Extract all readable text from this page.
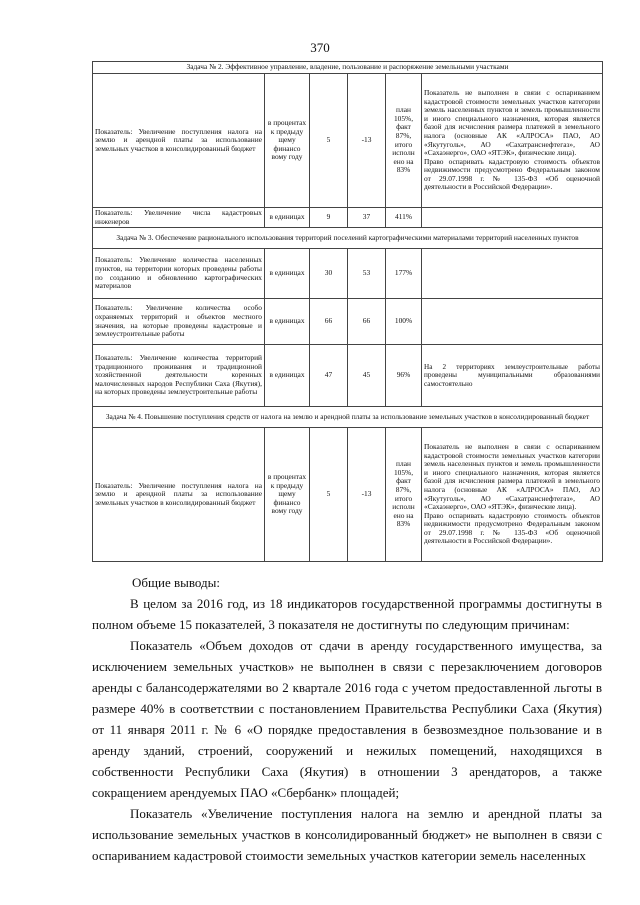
370
Задача № 2. Эффективное управление, владение, пользование и распоряжение земельными участками					
Показатель: Увеличение поступления налога на землю и арендной платы за использование земельных участков в консолидированный бюджет	в процентах к предыду щему финансо вому году	5	-13	план 105%, факт 87%, итого исполн ено на 83%	Показатель не выполнен в связи с оспариванием кадастровой стоимости земельных участков категории земель населенных пунктов и земель промышленности и иного специального назначения, которая является базой для исчисления размера платежей в земельного налога (основные АК «АЛРОСА» ПАО, АО «Якутуголь», АО «Сахатранснефтегаз», АО «Сахаэнерго», ОАО «ЯТЭК», физические лица).
Право оспаривать кадастровую стоимость объектов недвижимости предусмотрено Федеральным законом от 29.07.1998 г. № 135-ФЗ «Об оценочной деятельности в Российской Федерации».

Показатель: Увеличение числа кадастровых инженеров	в единицах	9	37	411%	
Задача № 3. Обеспечение рационального использования территорий поселений картографическими материалами территорий населенных пунктов					
Показатель: Увеличение количества населенных пунктов, на территории которых проведены работы по созданию и обновлению картографических материалов	в единицах	30	53	177%	
Показатель: Увеличение количества особо охраняемых территорий и объектов местного значения, на которые проведены кадастровые и землеустроительные работы	в единицах	66	66	100%	
Показатель: Увеличение количества территорий традиционного проживания и традиционной хозяйственной деятельности коренных малочисленных народов Республики Саха (Якутия), на которых проведены землеустроительные работы	в единицах	47	45	96%	На 2 территориях землеустроительные работы проведены муниципальными образованиями самостоятельно

Задача № 4. Повышение поступления средств от налога на землю и арендной платы за использование земельных участков в консолидированный бюджет					
Показатель: Увеличение поступления налога на землю и арендной платы за использование земельных участков в консолидированный бюджет	в процентах к предыду щему финансо вому году	5	-13	план 105%, факт 87%, итого исполн ено на 83%	Показатель не выполнен в связи с оспариванием кадастровой стоимости земельных участков категории земель населенных пунктов и земель промышленности и иного специального назначения, которая является базой для исчисления размера платежей в земельного налога (основные АК «АЛРОСА» ПАО, АО «Якутуголь», АО «Сахатранснефтегаз», АО «Сахаэнерго», ОАО «ЯТЭК», физические лица).
Право оспаривать кадастровую стоимость объектов недвижимости предусмотрено Федеральным законом от 29.07.1998 г. № 135-ФЗ «Об оценочной деятельности в Российской Федерации».

Общие выводы:

В целом за 2016 год, из 18 индикаторов государственной программы достигнуты в полном объеме 15 показателей, 3 показателя не достигнуты по следующим причинам:

Показатель «Объем доходов от сдачи в аренду государственного имущества, за исключением земельных участков» не выполнен в связи с перезаключением договоров аренды с балансодержателями во 2 квартале 2016 года с учетом предоставленной льготы в размере 40% в соответствии с постановлением Правительства Республики Саха (Якутия) от 11 января 2011 г. № 6 «О порядке предоставления в безвозмездное пользование и в аренду зданий, строений, сооружений и нежилых помещений, находящихся в собственности Республики Саха (Якутия) в отношении 3 арендаторов, а также сокращением арендуемых ПАО «Сбербанк» площадей;

Показатель «Увеличение поступления налога на землю и арендной платы за использование земельных участков в консолидированный бюджет» не выполнен в связи с оспариванием кадастровой стоимости земельных участков категории земель населенных
